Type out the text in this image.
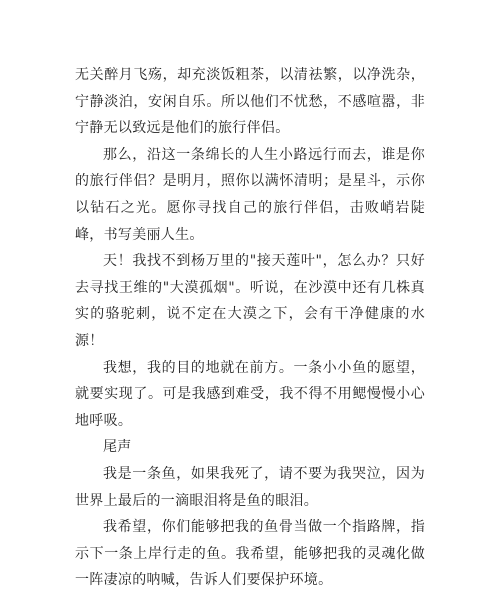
无关醉月飞殇，却充淡饭粗茶，以清祛繁，以净洗杂，宁静淡泊，安闲自乐。所以他们不忧愁，不感喧嚣，非宁静无以致远是他们的旅行伴侣。

那么，沿这一条绵长的人生小路远行而去，谁是你的旅行伴侣？是明月，照你以满怀清明；是星斗，示你以钻石之光。愿你寻找自己的旅行伴侣，击败峭岩陡峰，书写美丽人生。

天！我找不到杨万里的"接天莲叶"，怎么办？只好去寻找王维的"大漠孤烟"。听说，在沙漠中还有几株真实的骆驼刺，说不定在大漠之下，会有干净健康的水源！

我想，我的目的地就在前方。一条小小鱼的愿望，就要实现了。可是我感到难受，我不得不用鳃慢慢小心地呼吸。

尾声

我是一条鱼，如果我死了，请不要为我哭泣，因为世界上最后的一滴眼泪将是鱼的眼泪。

我希望，你们能够把我的鱼骨当做一个指路牌，指示下一条上岸行走的鱼。我希望，能够把我的灵魂化做一阵凄凉的呐喊，告诉人们要保护环境。
